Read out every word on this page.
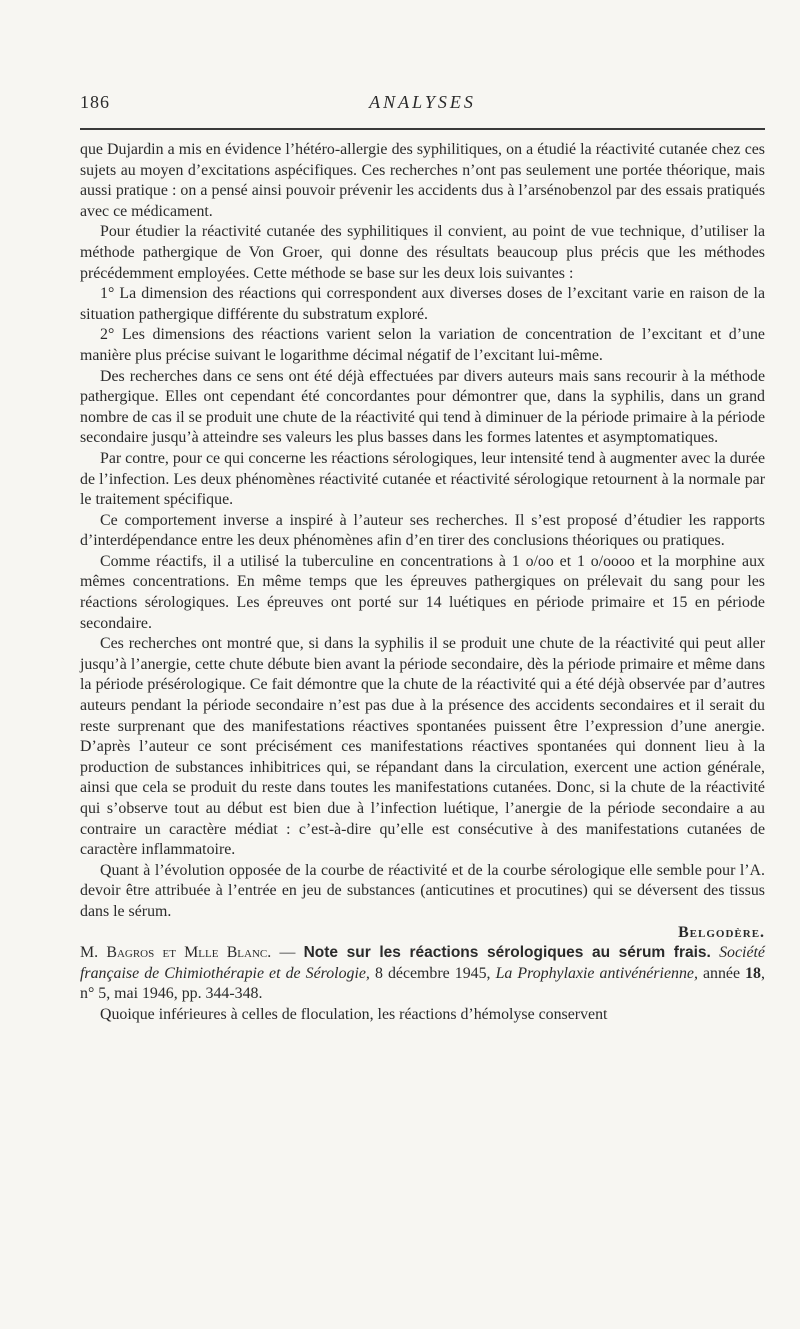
186	ANALYSES

que Dujardin a mis en évidence l’hétéro-allergie des syphilitiques, on a étudié la réactivité cutanée chez ces sujets au moyen d’excitations aspécifiques. Ces recherches n’ont pas seulement une portée théorique, mais aussi pratique : on a pensé ainsi pouvoir prévenir les accidents dus à l’arsénobenzol par des essais pratiqués avec ce médicament.

Pour étudier la réactivité cutanée des syphilitiques il convient, au point de vue technique, d’utiliser la méthode pathergique de Von Groer, qui donne des résultats beaucoup plus précis que les méthodes précédemment employées. Cette méthode se base sur les deux lois suivantes :

1° La dimension des réactions qui correspondent aux diverses doses de l’excitant varie en raison de la situation pathergique différente du substratum exploré.

2° Les dimensions des réactions varient selon la variation de concentration de l’excitant et d’une manière plus précise suivant le logarithme décimal négatif de l’excitant lui-même.

Des recherches dans ce sens ont été déjà effectuées par divers auteurs mais sans recourir à la méthode pathergique. Elles ont cependant été concordantes pour démontrer que, dans la syphilis, dans un grand nombre de cas il se produit une chute de la réactivité qui tend à diminuer de la période primaire à la période secondaire jusqu’à atteindre ses valeurs les plus basses dans les formes latentes et asymptomatiques.

Par contre, pour ce qui concerne les réactions sérologiques, leur intensité tend à augmenter avec la durée de l’infection. Les deux phénomènes réactivité cutanée et réactivité sérologique retournent à la normale par le traitement spécifique.

Ce comportement inverse a inspiré à l’auteur ses recherches. Il s’est proposé d’étudier les rapports d’interdépendance entre les deux phénomènes afin d’en tirer des conclusions théoriques ou pratiques.

Comme réactifs, il a utilisé la tuberculine en concentrations à 1 o/oo et 1 o/oooo et la morphine aux mêmes concentrations. En même temps que les épreuves pathergiques on prélevait du sang pour les réactions sérologiques. Les épreuves ont porté sur 14 luétiques en période primaire et 15 en période secondaire.

Ces recherches ont montré que, si dans la syphilis il se produit une chute de la réactivité qui peut aller jusqu’à l’anergie, cette chute débute bien avant la période secondaire, dès la période primaire et même dans la période présérologique. Ce fait démontre que la chute de la réactivité qui a été déjà observée par d’autres auteurs pendant la période secondaire n’est pas due à la présence des accidents secondaires et il serait du reste surprenant que des manifestations réactives spontanées puissent être l’expression d’une anergie. D’après l’auteur ce sont précisément ces manifestations réactives spontanées qui donnent lieu à la production de substances inhibitrices qui, se répandant dans la circulation, exercent une action générale, ainsi que cela se produit du reste dans toutes les manifestations cutanées. Donc, si la chute de la réactivité qui s’observe tout au début est bien due à l’infection luétique, l’anergie de la période secondaire a au contraire un caractère médiat : c’est-à-dire qu’elle est consécutive à des manifestations cutanées de caractère inflammatoire.

Quant à l’évolution opposée de la courbe de réactivité et de la courbe sérologique elle semble pour l’A. devoir être attribuée à l’entrée en jeu de substances (anticutines et procutines) qui se déversent des tissus dans le sérum.

Belgodère.

M. Bagros et Mlle Blanc. — Note sur les réactions sérologiques au sérum frais. Société française de Chimiothérapie et de Sérologie, 8 décembre 1945, La Prophylaxie antivénérienne, année 18, n° 5, mai 1946, pp. 344-348.

Quoique inférieures à celles de floculation, les réactions d’hémolyse conservent
